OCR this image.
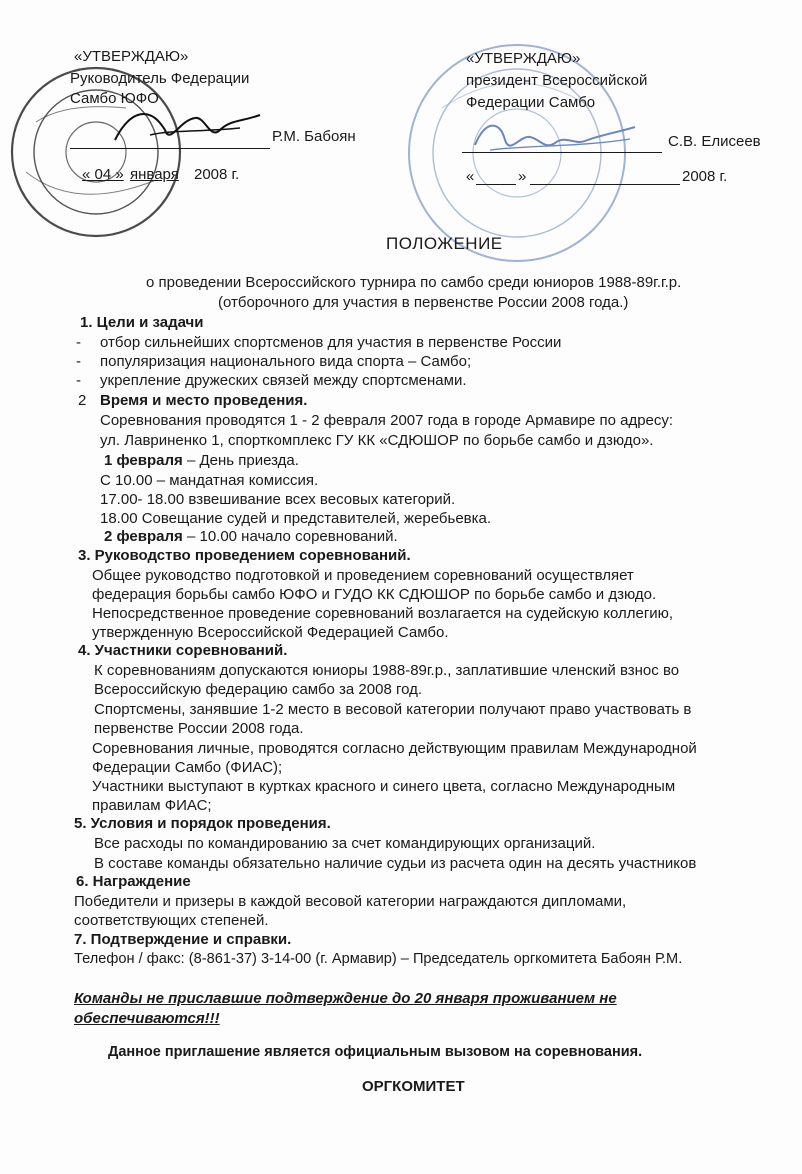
«УТВЕРЖДАЮ»
Руководитель Федерации
Самбо ЮФО
Р.М. Бабоян
« 04 » января 2008 г.
«УТВЕРЖДАЮ»
президент Всероссийской
Федерации Самбо
С.В. Елисеев
«	»	2008 г.
ПОЛОЖЕНИЕ
о проведении Всероссийского турнира по самбо среди юниоров 1988-89г.г.р.
(отборочного для участия в первенстве России 2008 года.)
1. Цели и задачи
- отбор сильнейших спортсменов для участия в первенстве России
- популяризация национального вида спорта – Самбо;
- укрепление дружеских связей между спортсменами.
2 Время и место проведения.
Соревнования проводятся 1 - 2 февраля 2007 года в городе Армавире по адресу:
ул. Лавриненко 1, спорткомплекс ГУ КК «СДЮШОР по борьбе самбо и дзюдо».
1 февраля – День приезда.
С 10.00 – мандатная комиссия.
17.00- 18.00 взвешивание всех весовых категорий.
18.00 Совещание судей и представителей, жеребьевка.
2 февраля – 10.00 начало соревнований.
3. Руководство проведением соревнований.
Общее руководство подготовкой и проведением соревнований осуществляет
федерация борьбы самбо ЮФО и ГУДО КК СДЮШОР по борьбе самбо и дзюдо.
Непосредственное проведение соревнований возлагается на судейскую коллегию,
утвержденную Всероссийской Федерацией Самбо.
4. Участники соревнований.
К соревнованиям допускаются юниоры 1988-89г.р., заплатившие членский взнос во
Всероссийскую федерацию самбо за 2008 год.
Спортсмены, занявшие 1-2 место в весовой категории получают право участвовать в
первенстве России 2008 года.
Соревнования личные, проводятся согласно действующим правилам Международной
Федерации Самбо (ФИАС);
Участники выступают в куртках красного и синего цвета, согласно Международным
правилам ФИАС;
5. Условия и порядок проведения.
Все расходы по командированию за счет командирующих организаций.
В составе команды обязательно наличие судьи из расчета один на десять участников
6. Награждение
Победители и призеры в каждой весовой категории награждаются дипломами,
соответствующих степеней.
7. Подтверждение и справки.
Телефон / факс: (8-861-37) 3-14-00 (г. Армавир) – Председатель оргкомитета Бабоян Р.М.
Команды не приславшие подтверждение до 20 января проживанием не
обеспечиваются!!!
Данное приглашение является официальным вызовом на соревнования.
ОРГКОМИТЕТ
